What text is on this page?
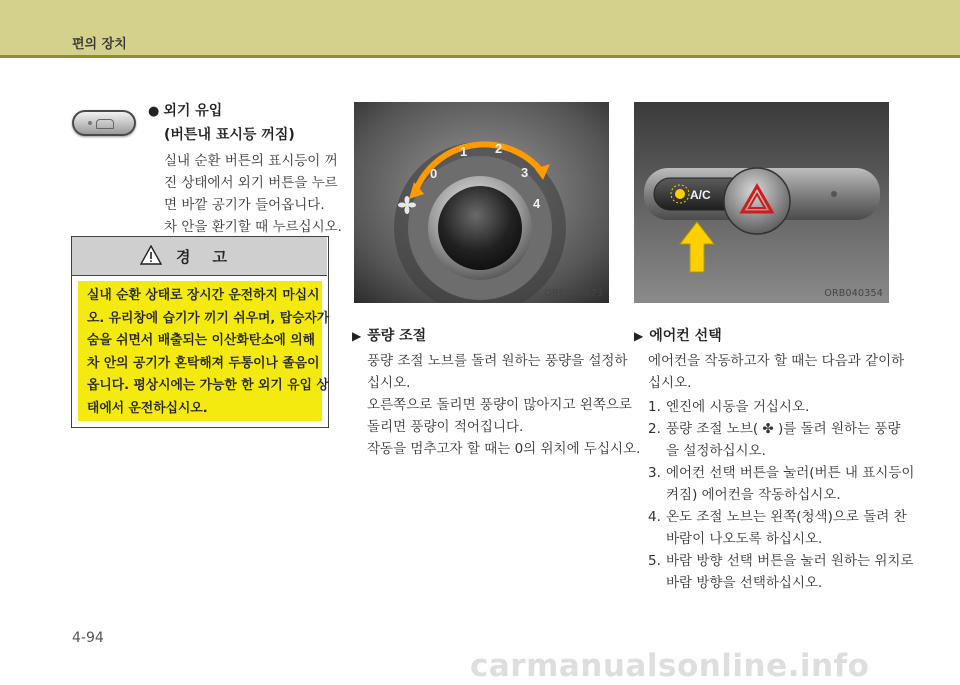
편의 장치
● 외기 유입
(버튼내 표시등 꺼짐)
실내 순환 버튼의 표시등이 꺼
진 상태에서 외기 버튼을 누르
면 바깥 공기가 들어옵니다.
차 안을 환기할 때 누르십시오.
경고
실내 순환 상태로 장시간 운전하지 마십시
오. 유리창에 습기가 끼기 쉬우며, 탑승자가
숨을 쉬면서 배출되는 이산화탄소에 의해
차 안의 공기가 혼탁해져 두통이나 졸음이
옵니다. 평상시에는 가능한 한 외기 유입 상
태에서 운전하십시오.
1 2
0	3
4
ORB040073
A/C
ORB040354
▶ 풍량 조절
풍량 조절 노브를 돌려 원하는 풍량을 설정하
십시오.
오른쪽으로 돌리면 풍량이 많아지고 왼쪽으로
돌리면 풍량이 적어집니다.
작동을 멈추고자 할 때는 0의 위치에 두십시오.
▶ 에어컨 선택
에어컨을 작동하고자 할 때는 다음과 같이하
십시오.
1. 엔진에 시동을 거십시오.
2. 풍량 조절 노브( ✤ )를 돌려 원하는 풍량
을 설정하십시오.
3. 에어컨 선택 버튼을 눌러(버튼 내 표시등이
켜짐) 에어컨을 작동하십시오.
4. 온도 조절 노브는 왼쪽(청색)으로 돌려 찬
바람이 나오도록 하십시오.
5. 바람 방향 선택 버튼을 눌러 원하는 위치로
바람 방향을 선택하십시오.
4-94
carmanualsonline.info
